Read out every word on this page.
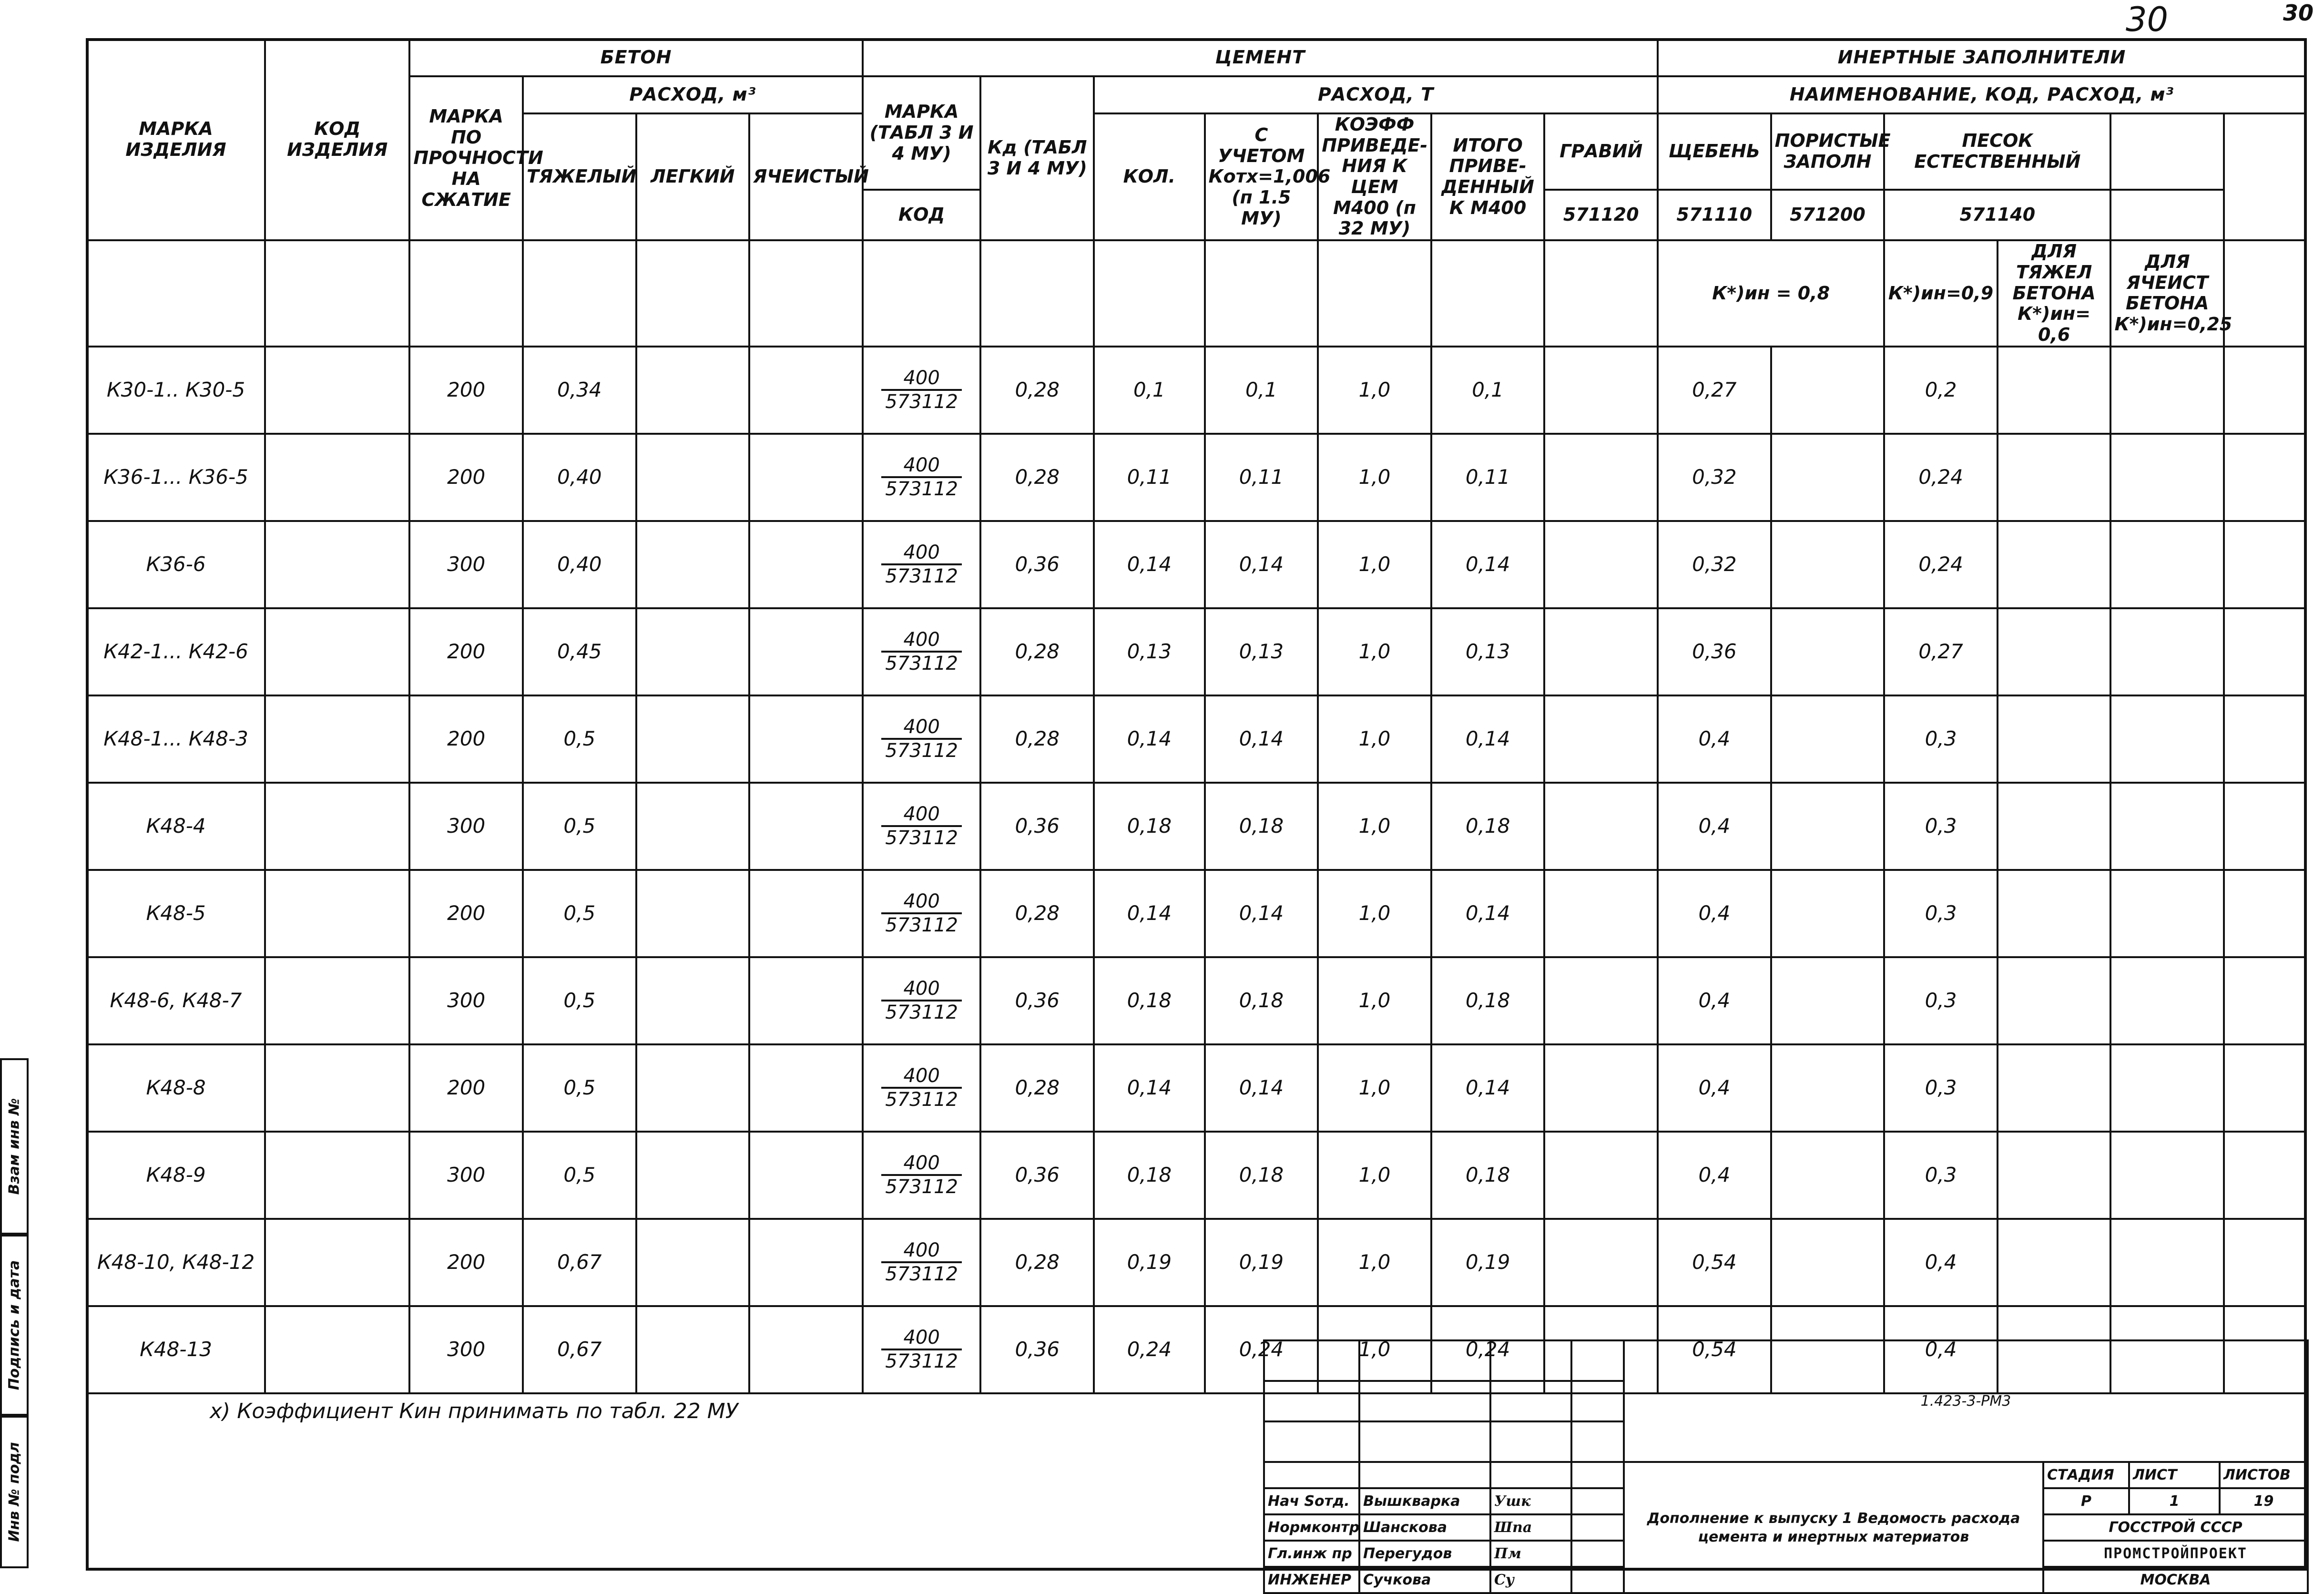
30	30
МАРКА ИЗДЕЛИЯ	КОД ИЗДЕЛИЯ	БЕТОН				ЦЕМЕНТ							ИНЕРТНЫЕ ЗАПОЛНИТЕЛИ					
		МАРКА ПО ПРОЧНОСТИ НА СЖАТИЕ	РАСХОД, м³			МАРКА (ТАБЛ 3 И 4 МУ)	Кд (ТАБЛ 3 И 4 МУ)	РАСХОД, Т					НАИМЕНОВАНИЕ, КОД, РАСХОД, м³					
			ТЯЖЕЛЫЙ	ЛЕГКИЙ	ЯЧЕИСТЫЙ			КОЛ.	С УЧЕТОМ Котх=1,006 (п 1.5 МУ)	КОЭФФ ПРИВЕДЕ- НИЯ К ЦЕМ М400 (п 32 МУ)	ИТОГО ПРИВЕ- ДЕННЫЙ К М400	ГРАВИЙ	ЩЕБЕНЬ	ПОРИСТЫЕ ЗАПОЛН	ПЕСОК ЕСТЕСТВЕННЫЙ			
						КОД						571120	571110	571200	571140			
													К*)ин = 0,8		К*)ин=0,9	ДЛЯ ТЯЖЕЛ БЕТОНА К*)ин= 0,6	ДЛЯ ЯЧЕИСТ БЕТОНА К*)ин=0,25	
К30-1.. К30-5		200	0,34			$\frac{400}{573112}$	0,28	0,1	0,1	1,0	0,1		0,27		0,2			
К36-1... К36-5		200	0,40			$\frac{400}{573112}$	0,28	0,11	0,11	1,0	0,11		0,32		0,24			
К36-6		300	0,40			$\frac{400}{573112}$	0,36	0,14	0,14	1,0	0,14		0,32		0,24			
К42-1... К42-6		200	0,45			$\frac{400}{573112}$	0,28	0,13	0,13	1,0	0,13		0,36		0,27			
К48-1... К48-3		200	0,5			$\frac{400}{573112}$	0,28	0,14	0,14	1,0	0,14		0,4		0,3			
К48-4		300	0,5			$\frac{400}{573112}$	0,36	0,18	0,18	1,0	0,18		0,4		0,3			
К48-5		200	0,5			$\frac{400}{573112}$	0,28	0,14	0,14	1,0	0,14		0,4		0,3			
К48-6, К48-7		300	0,5			$\frac{400}{573112}$	0,36	0,18	0,18	1,0	0,18		0,4		0,3			
К48-8		200	0,5			$\frac{400}{573112}$	0,28	0,14	0,14	1,0	0,14		0,4		0,3			
К48-9		300	0,5			$\frac{400}{573112}$	0,36	0,18	0,18	1,0	0,18		0,4		0,3			
К48-10, К48-12		200	0,67			$\frac{400}{573112}$	0,28	0,19	0,19	1,0	0,19		0,54		0,4			
К48-13		300	0,67			$\frac{400}{573112}$	0,36	0,24	0,24	1,0	0,24		0,54		0,4			
Взам инв №
Подпись и дата
Инв № подл
х) Коэффициент Кин принимать по табл. 22 МУ
					1.423-3-РМ3			

				Дополнение к выпуску 1 Ведомость расхода цемента и инертных материатов	СТАДИЯ	ЛИСТ	ЛИСТОВ
Нач Sотд.	Вышкварка	Ушк			Р	1	19
Нормконтр	Шанскова	Шпа			ГОССТРОЙ СССР		
Гл.инж пр	Перегудов	Пм			ПРОМСТРОЙПРОЕКТ		
ИНЖЕНЕР	Сучкова	Су			МОСКВА		
